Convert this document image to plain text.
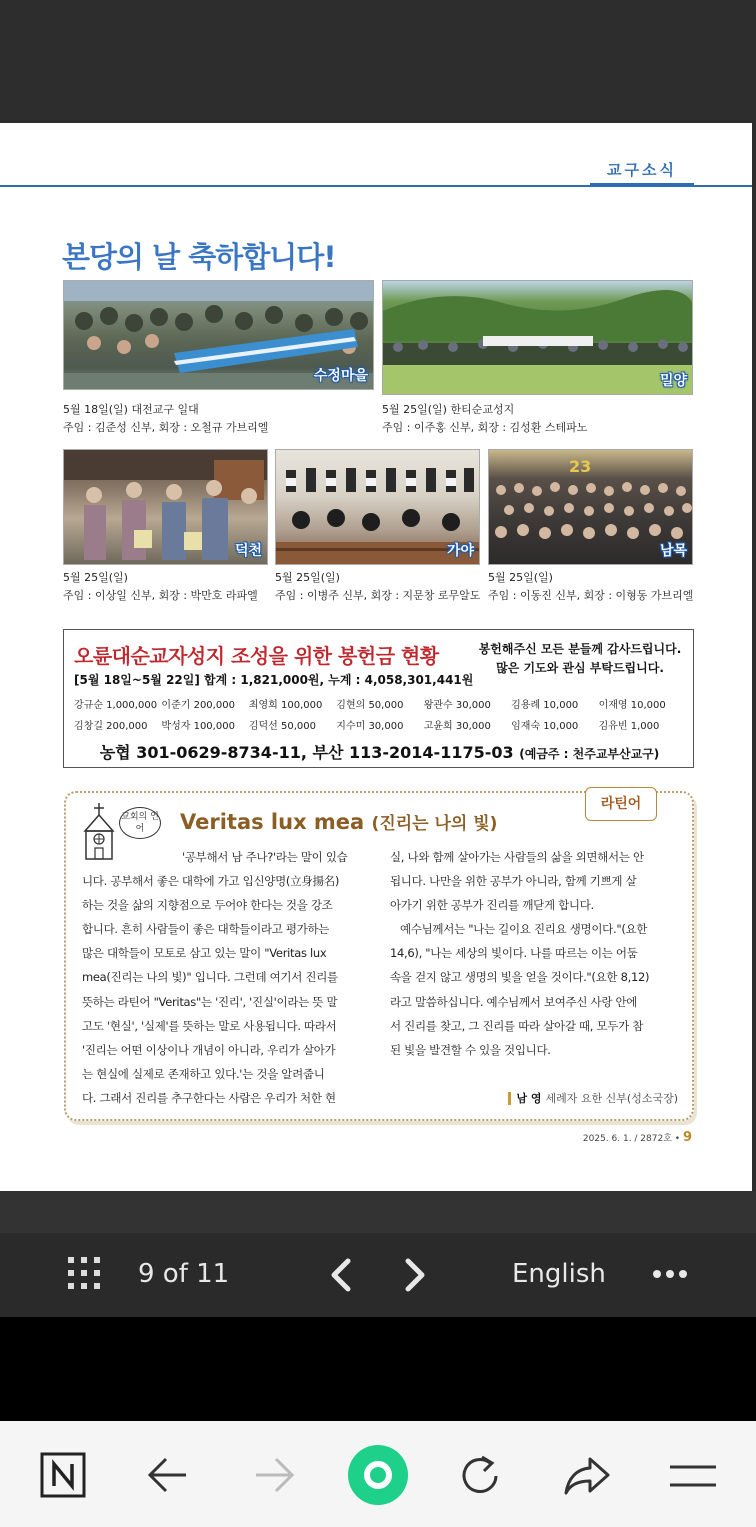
교구소식
본당의 날 축하합니다!
수정마을
5월 18일(일) 대전교구 일대
주임 : 김준성 신부, 회장 : 오철규 가브리엘
밀양
5월 25일(일) 한티순교성지
주임 : 이주홍 신부, 회장 : 김성환 스테파노
덕천
5월 25일(일)
주임 : 이상일 신부, 회장 : 박만호 라파엘
가야
5월 25일(일)
주임 : 이병주 신부, 회장 : 지문창 로무알도
23
남목
5월 25일(일)
주임 : 이동진 신부, 회장 : 이형동 가브리엘
오륜대순교자성지 조성을 위한 봉헌금 현황	봉헌해주신 모든 분들께 감사드립니다.
많은 기도와 관심 부탁드립니다.
[5월 18일~5월 22일] 합계 : 1,821,000원, 누계 : 4,058,301,441원
강규순 1,000,000 이준기 200,000	최영희 100,000	김현의 50,000	왕관수 30,000	김용례 10,000	이재영 10,000
김창길 200,000	박성자 100,000	김덕선 50,000	지수미 30,000	고윤희 30,000	임재숙 10,000	김유빈 1,000
농협 301-0629-8734-11, 부산 113-2014-1175-03 (예금주 : 천주교부산교구)
라틴어
교회의 언어	Veritas lux mea (진리는 나의 빛)

'공부해서 남 주나?'라는 말이 있습

니다. 공부해서 좋은 대학에 가고 입신양명(立身揚名)

하는 것을 삶의 지향점으로 두어야 한다는 것을 강조

합니다. 흔히 사람들이 좋은 대학들이라고 평가하는

많은 대학들이 모토로 삼고 있는 말이 "Veritas lux

mea(진리는 나의 빛)" 입니다. 그런데 여기서 진리를

뜻하는 라틴어 "Veritas"는 '진리', '진실'이라는 뜻 말

고도 '현실', '실제'를 뜻하는 말로 사용됩니다. 따라서

'진리는 어떤 이상이나 개념이 아니라, 우리가 살아가

는 현실에 실제로 존재하고 있다.'는 것을 알려줍니

다. 그래서 진리를 추구한다는 사람은 우리가 처한 현

실, 나와 함께 살아가는 사람들의 삶을 외면해서는 안

됩니다. 나만을 위한 공부가 아니라, 함께 기쁘게 살

아가기 위한 공부가 진리를 깨닫게 합니다.

예수님께서는 "나는 길이요 진리요 생명이다."(요한

14,6), "나는 세상의 빛이다. 나를 따르는 이는 어둠

속을 걷지 않고 생명의 빛을 얻을 것이다."(요한 8,12)

라고 말씀하십니다. 예수님께서 보여주신 사랑 안에

서 진리를 찾고, 그 진리를 따라 살아갈 때, 모두가 참

된 빛을 발견할 수 있을 것입니다.

남 영 세례자 요한 신부(성소국장)
2025. 6. 1. / 2872호 • 9
9 of 11	English
